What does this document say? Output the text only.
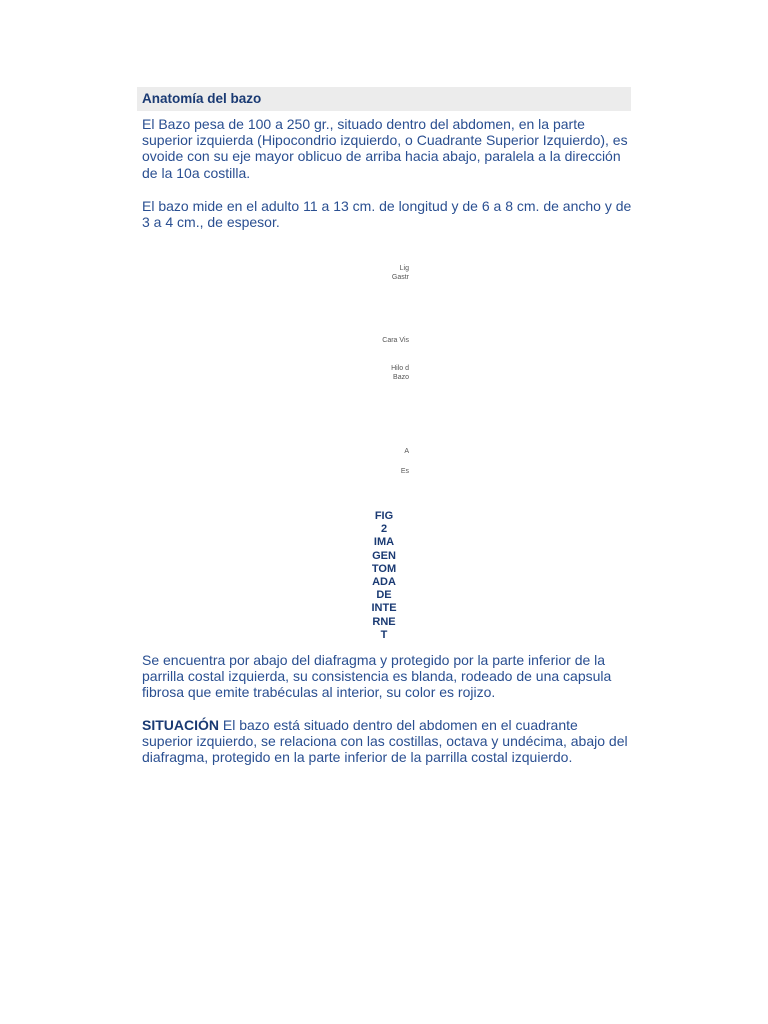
Anatomía del bazo

El Bazo pesa de 100 a 250 gr., situado dentro del abdomen, en la parte superior izquierda (Hipocondrio izquierdo, o Cuadrante Superior Izquierdo), es ovoide con su eje mayor oblicuo de arriba hacia abajo, paralela a la dirección de la 10a costilla.

El bazo mide en el adulto 11 a 13 cm. de longitud y de 6 a 8 cm. de ancho y de 3 a 4 cm., de espesor.

Lig
Gastr
Cara Vis
Hilo d
Bazo
A
Es
FIG
2
IMA
GEN
TOM
ADA
DE
INTE
RNE
T

Se encuentra por abajo del diafragma y protegido por la parte inferior de la parrilla costal izquierda, su consistencia es blanda, rodeado de una capsula fibrosa que emite trabéculas al interior, su color es rojizo.

SITUACIÓN El bazo está situado dentro del abdomen en el cuadrante superior izquierdo, se relaciona con las costillas, octava y undécima, abajo del diafragma, protegido en la parte inferior de la parrilla costal izquierdo.
